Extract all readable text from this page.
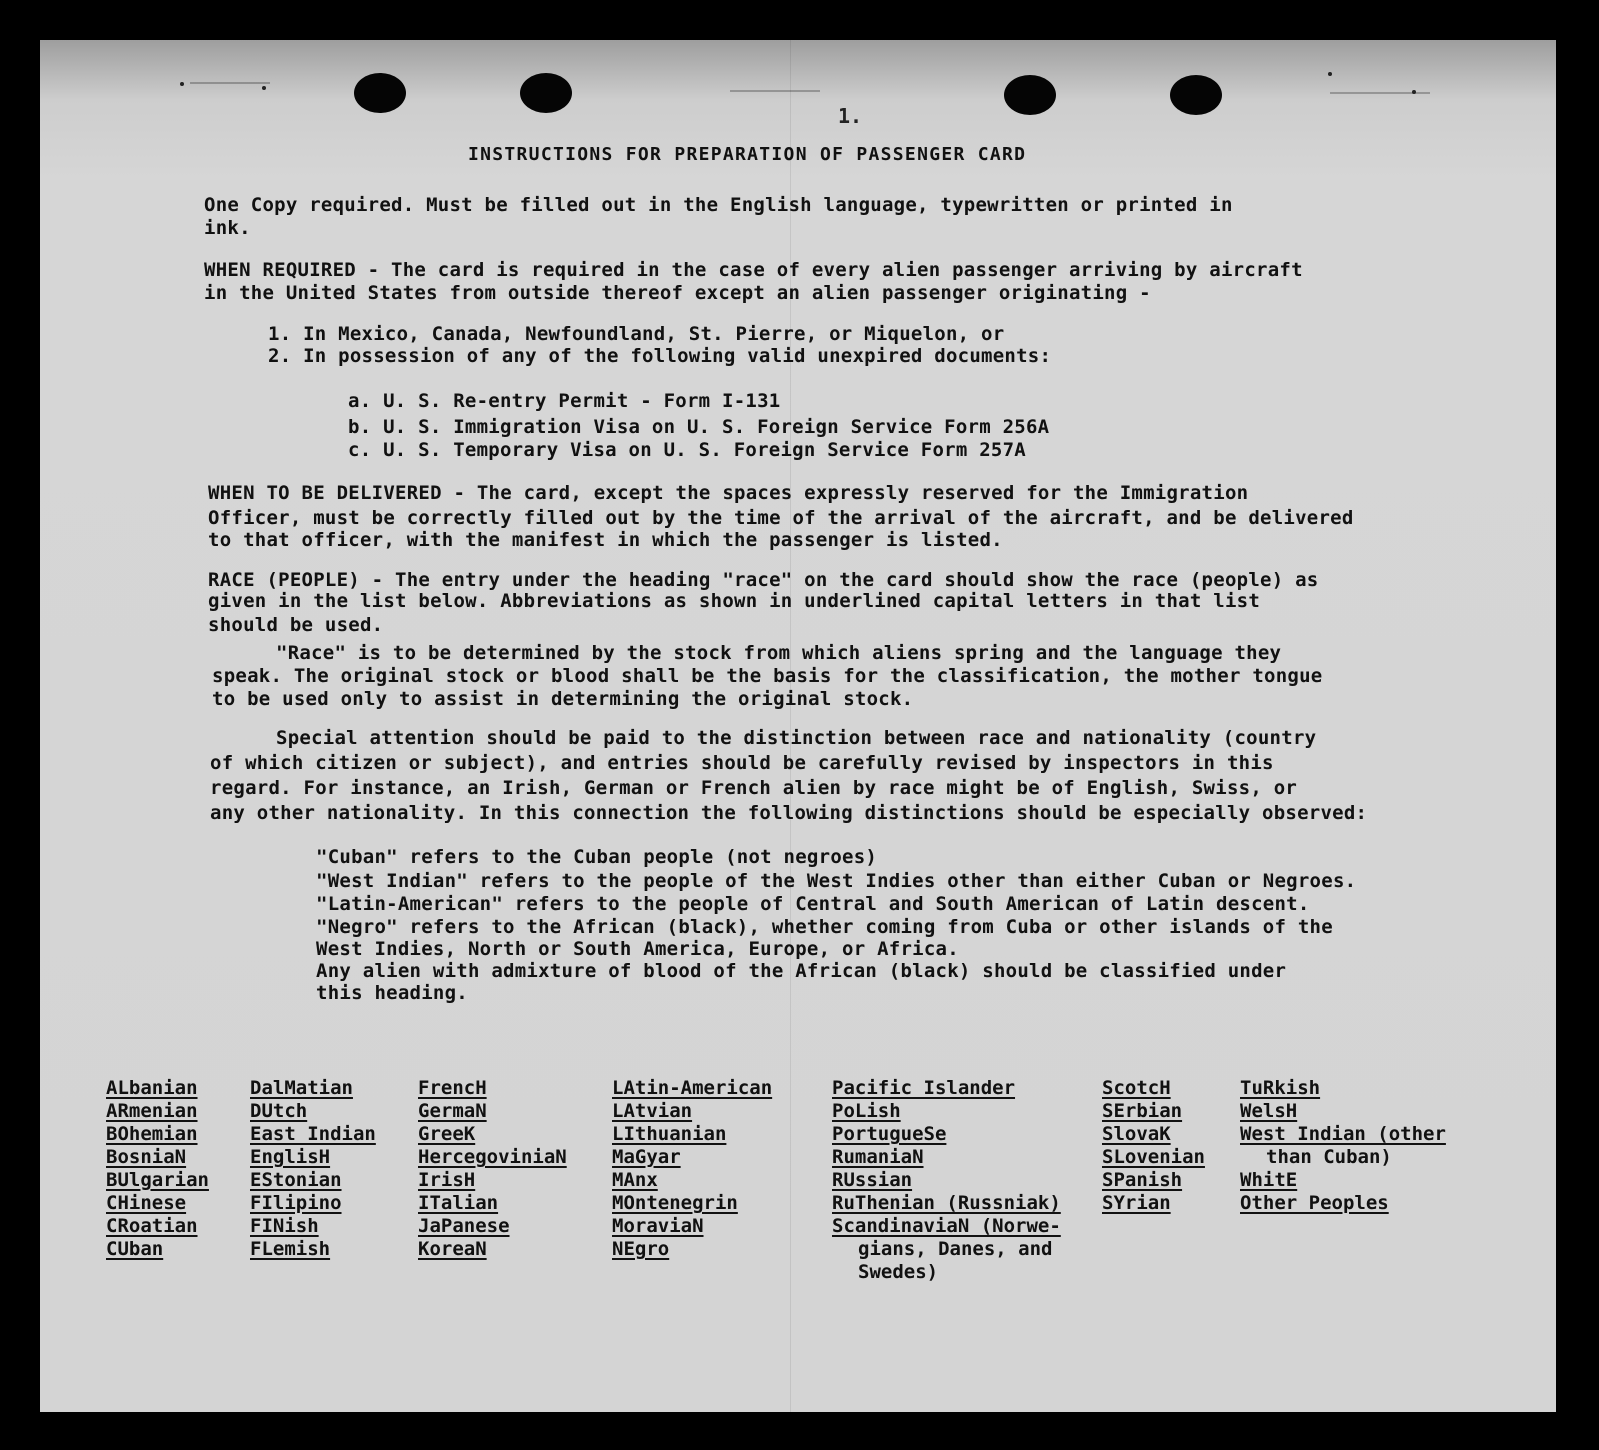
1.
INSTRUCTIONS FOR PREPARATION OF PASSENGER CARD
One Copy required. Must be filled out in the English language, typewritten or printed in
ink.
WHEN REQUIRED - The card is required in the case of every alien passenger arriving by aircraft
in the United States from outside thereof except an alien passenger originating -
1. In Mexico, Canada, Newfoundland, St. Pierre, or Miquelon, or
2. In possession of any of the following valid unexpired documents:
a. U. S. Re-entry Permit - Form I-131
b. U. S. Immigration Visa on U. S. Foreign Service Form 256A
c. U. S. Temporary Visa on U. S. Foreign Service Form 257A
WHEN TO BE DELIVERED - The card, except the spaces expressly reserved for the Immigration
Officer, must be correctly filled out by the time of the arrival of the aircraft, and be delivered
to that officer, with the manifest in which the passenger is listed.
RACE (PEOPLE) - The entry under the heading "race" on the card should show the race (people) as
given in the list below. Abbreviations as shown in underlined capital letters in that list
should be used.
"Race" is to be determined by the stock from which aliens spring and the language they
speak. The original stock or blood shall be the basis for the classification, the mother tongue
to be used only to assist in determining the original stock.
Special attention should be paid to the distinction between race and nationality (country
of which citizen or subject), and entries should be carefully revised by inspectors in this
regard. For instance, an Irish, German or French alien by race might be of English, Swiss, or
any other nationality. In this connection the following distinctions should be especially observed:
"Cuban" refers to the Cuban people (not negroes)
"West Indian" refers to the people of the West Indies other than either Cuban or Negroes.
"Latin-American" refers to the people of Central and South American of Latin descent.
"Negro" refers to the African (black), whether coming from Cuba or other islands of the
West Indies, North or South America, Europe, or Africa.
Any alien with admixture of blood of the African (black) should be classified under
this heading.
ALbanian
ARmenian
BOhemian
BosniaN
BUlgarian
CHinese
CRoatian
CUban
DalMatian
DUtch
East Indian
EnglisH
EStonian
FIlipino
FINish
FLemish
FrencH
GermaN
GreeK
HercegoviniaN
IrisH
ITalian
JaPanese
KoreaN
LAtin-American
LAtvian
LIthuanian
MaGyar
MAnx
MOntenegrin
MoraviaN
NEgro
Pacific Islander
PoLish
PortugueSe
RumaniaN
RUssian
RuThenian (Russniak)
ScandinaviaN (Norwe-
gians, Danes, and
Swedes)
ScotcH
SErbian
SlovaK
SLovenian
SPanish
SYrian
TuRkish
WelsH
West Indian (other
than Cuban)
WhitE
Other Peoples
